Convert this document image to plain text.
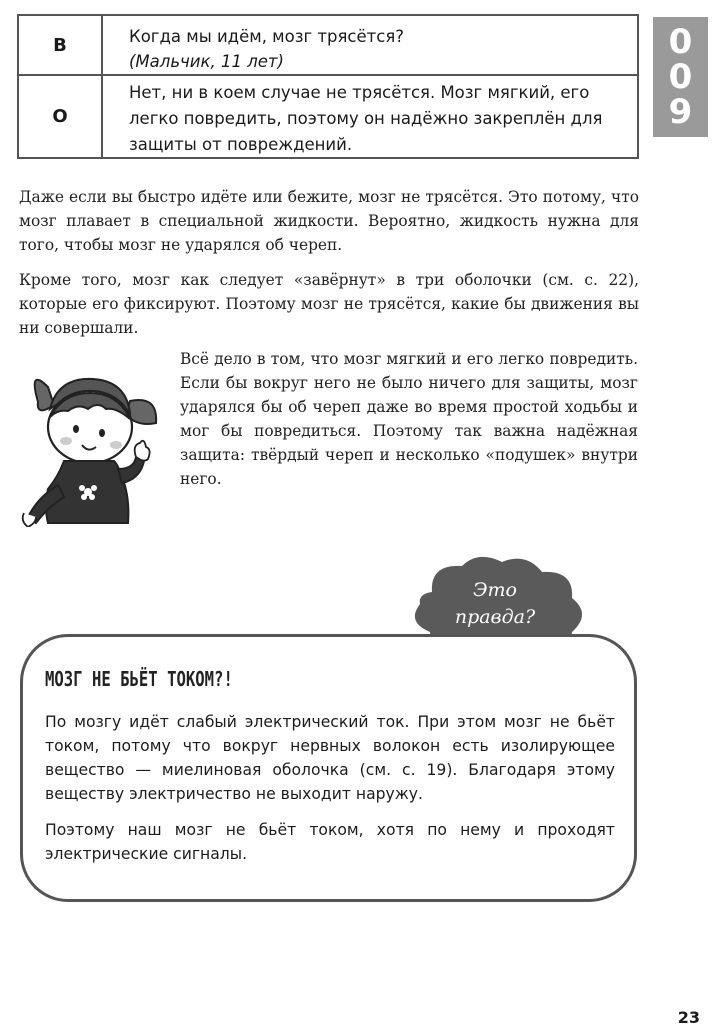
В	Когда мы идём, мозг трясётся?
(Мальчик, 11 лет)
О
Нет, ни в коем случае не трясётся. Мозг мягкий, его легко повредить, поэтому он надёжно закреплён для защиты от повреждений.
0
0
9

Даже если вы быстро идёте или бежите, мозг не трясётся. Это потому, что мозг плавает в специальной жидкости. Вероятно, жидкость нужна для того, чтобы мозг не ударялся об череп.

Кроме того, мозг как следует «завёрнут» в три оболочки (см. с. 22), которые его фиксируют. Поэтому мозг не трясётся, какие бы движения вы ни совершали.

Всё дело в том, что мозг мягкий и его легко повредить. Если бы вокруг него не было ничего для защиты, мозг ударялся бы об череп даже во время простой ходьбы и мог бы повредиться. Поэтому так важна надёжная защита: твёрдый череп и несколько «подушек» внутри него.

Это
правда?
МОЗГ НЕ БЬЁТ ТОКОМ?!

По мозгу идёт слабый электрический ток. При этом мозг не бьёт током, потому что вокруг нервных волокон есть изолирующее вещество — миелиновая оболочка (см. с. 19). Благодаря этому веществу электричество не выходит наружу.

Поэтому наш мозг не бьёт током, хотя по нему и проходят электрические сигналы.

23
